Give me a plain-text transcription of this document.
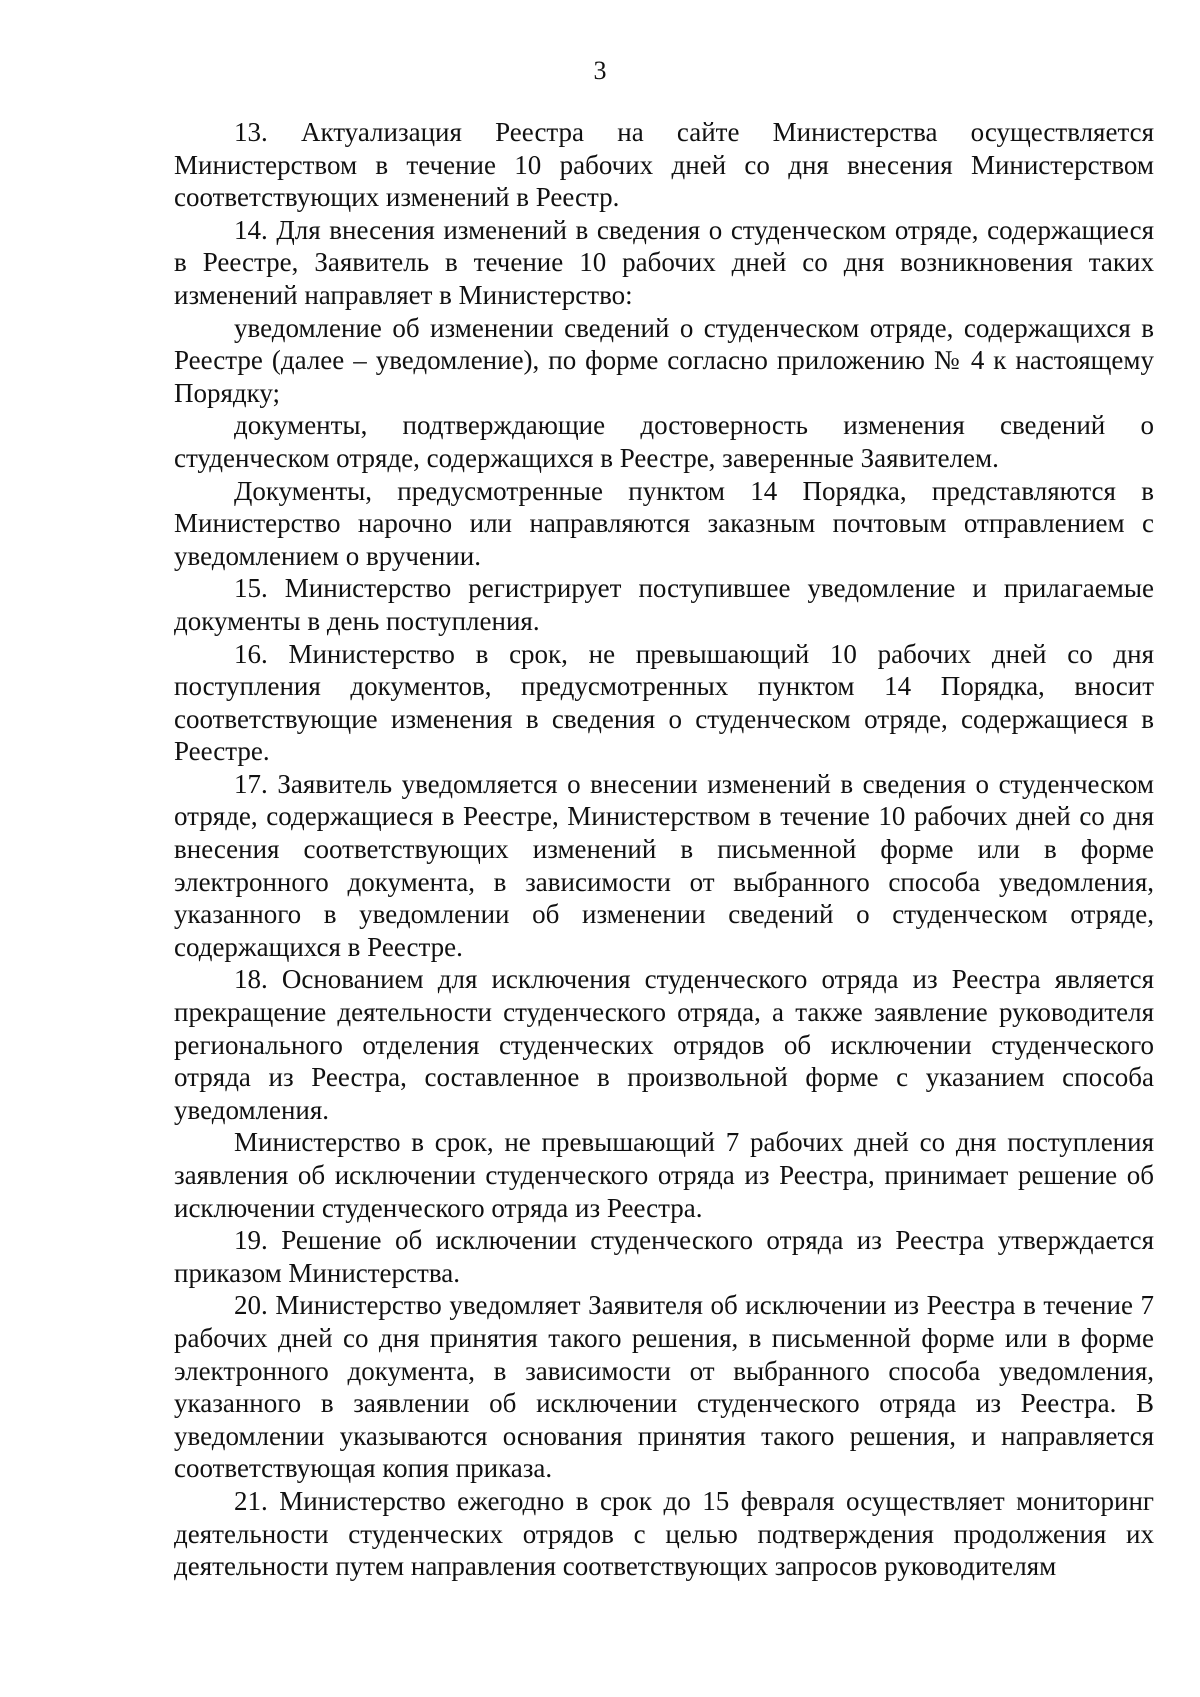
3

13. Актуализация Реестра на сайте Министерства осуществляется Министерством в течение 10 рабочих дней со дня внесения Министерством соответствующих изменений в Реестр.

14. Для внесения изменений в сведения о студенческом отряде, содержащиеся в Реестре, Заявитель в течение 10 рабочих дней со дня возникновения таких изменений направляет в Министерство:

уведомление об изменении сведений о студенческом отряде, содержащихся в Реестре (далее – уведомление), по форме согласно приложению № 4 к настоящему Порядку;

документы, подтверждающие достоверность изменения сведений о студенческом отряде, содержащихся в Реестре, заверенные Заявителем.

Документы, предусмотренные пунктом 14 Порядка, представляются в Министерство нарочно или направляются заказным почтовым отправлением с уведомлением о вручении.

15. Министерство регистрирует поступившее уведомление и прилагаемые документы в день поступления.

16. Министерство в срок, не превышающий 10 рабочих дней со дня поступления документов, предусмотренных пунктом 14 Порядка, вносит соответствующие изменения в сведения о студенческом отряде, содержащиеся в Реестре.

17. Заявитель уведомляется о внесении изменений в сведения о студенческом отряде, содержащиеся в Реестре, Министерством в течение 10 рабочих дней со дня внесения соответствующих изменений в письменной форме или в форме электронного документа, в зависимости от выбранного способа уведомления, указанного в уведомлении об изменении сведений о студенческом отряде, содержащихся в Реестре.

18. Основанием для исключения студенческого отряда из Реестра является прекращение деятельности студенческого отряда, а также заявление руководителя регионального отделения студенческих отрядов об исключении студенческого отряда из Реестра, составленное в произвольной форме с указанием способа уведомления.

Министерство в срок, не превышающий 7 рабочих дней со дня поступления заявления об исключении студенческого отряда из Реестра, принимает решение об исключении студенческого отряда из Реестра.

19. Решение об исключении студенческого отряда из Реестра утверждается приказом Министерства.

20. Министерство уведомляет Заявителя об исключении из Реестра в течение 7 рабочих дней со дня принятия такого решения, в письменной форме или в форме электронного документа, в зависимости от выбранного способа уведомления, указанного в заявлении об исключении студенческого отряда из Реестра. В уведомлении указываются основания принятия такого решения, и направляется соответствующая копия приказа.

21. Министерство ежегодно в срок до 15 февраля осуществляет мониторинг деятельности студенческих отрядов с целью подтверждения продолжения их деятельности путем направления соответствующих запросов руководителям
